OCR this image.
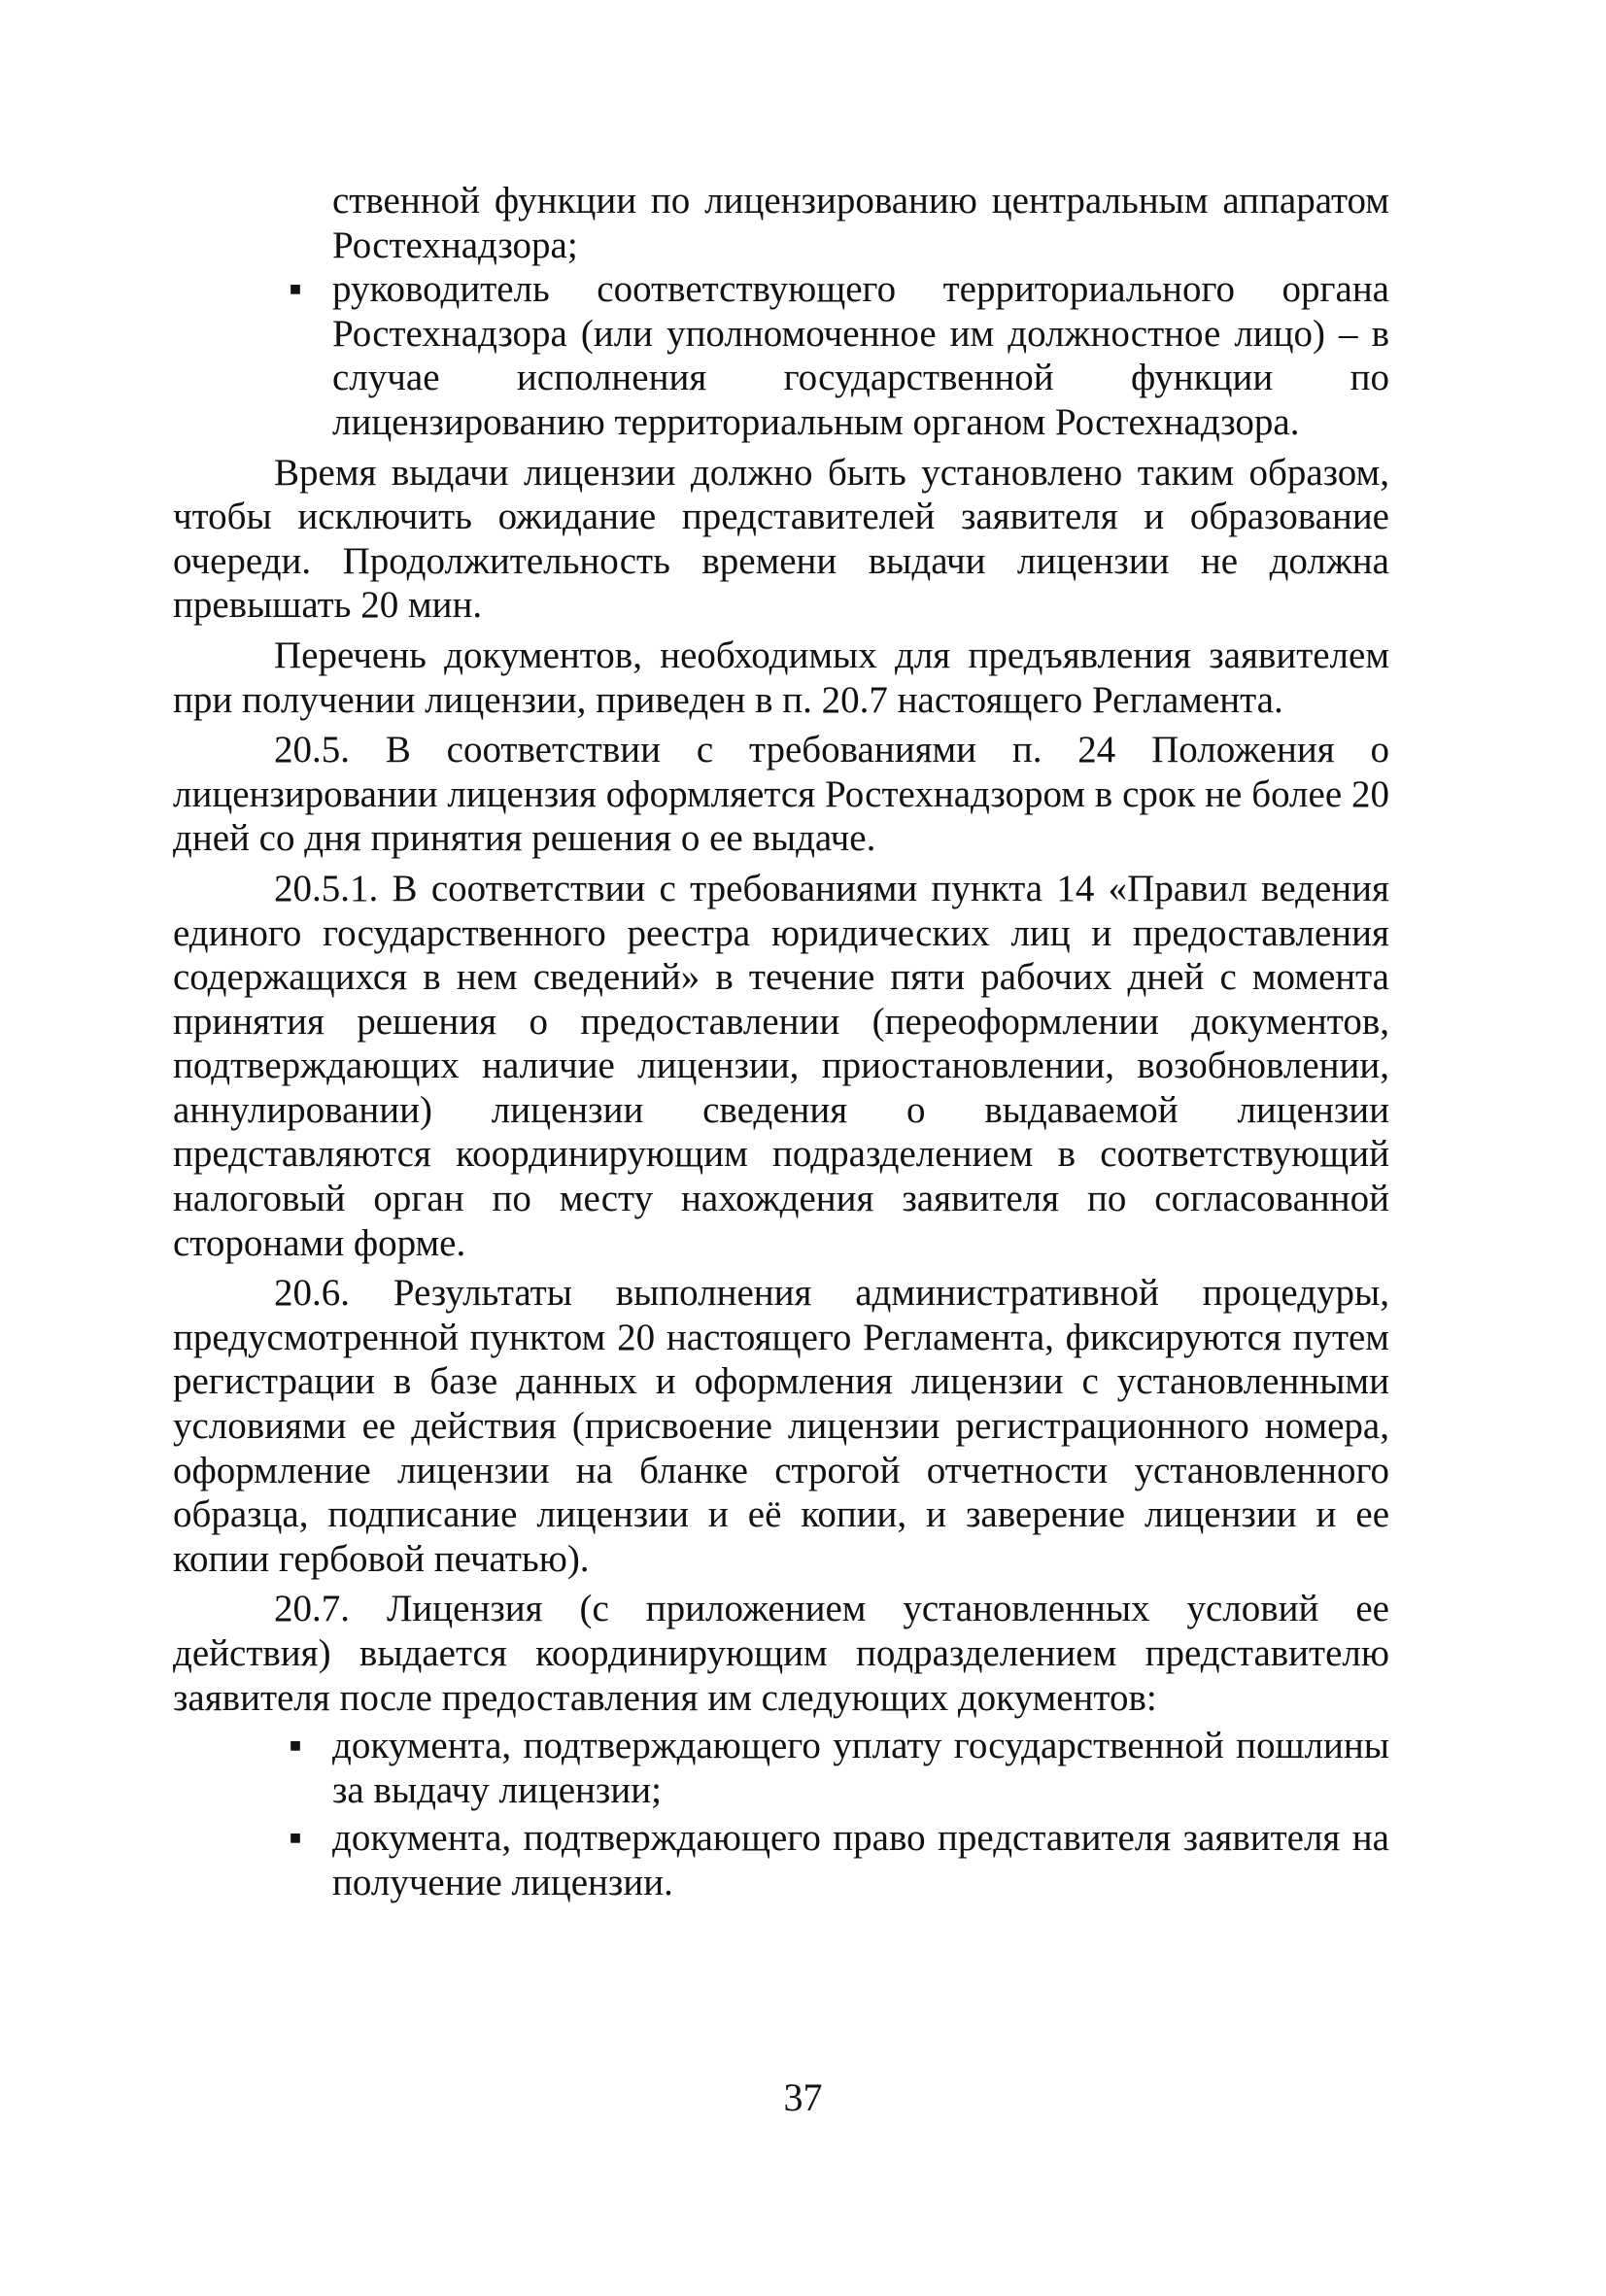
ственной функции по лицензированию центральным аппаратом Ростехнадзора;
▪ руководитель соответствующего территориального органа Ростехнадзора (или уполномоченное им должностное лицо) – в случае исполнения государственной функции по лицензированию территориальным органом Ростехнадзора.
Время выдачи лицензии должно быть установлено таким образом, чтобы исключить ожидание представителей заявителя и образование очереди. Продолжительность времени выдачи лицензии не должна превышать 20 мин.
Перечень документов, необходимых для предъявления заявителем при получении лицензии, приведен в п. 20.7 настоящего Регламента.
20.5. В соответствии с требованиями п. 24 Положения о лицензировании лицензия оформляется Ростехнадзором в срок не более 20 дней со дня принятия решения о ее выдаче.
20.5.1. В соответствии с требованиями пункта 14 «Правил ведения единого государственного реестра юридических лиц и предоставления содержащихся в нем сведений» в течение пяти рабочих дней с момента принятия решения о предоставлении (переоформлении документов, подтверждающих наличие лицензии, приостановлении, возобновлении, аннулировании) лицензии сведения о выдаваемой лицензии представляются координирующим подразделением в соответствующий налоговый орган по месту нахождения заявителя по согласованной сторонами форме.
20.6. Результаты выполнения административной процедуры, предусмотренной пунктом 20 настоящего Регламента, фиксируются путем регистрации в базе данных и оформления лицензии с установленными условиями ее действия (присвоение лицензии регистрационного номера, оформление лицензии на бланке строгой отчетности установленного образца, подписание лицензии и её копии, и заверение лицензии и ее копии гербовой печатью).
20.7. Лицензия (с приложением установленных условий ее действия) выдается координирующим подразделением представителю заявителя после предоставления им следующих документов:
▪ документа, подтверждающего уплату государственной пошлины за выдачу лицензии;
▪ документа, подтверждающего право представителя заявителя на получение лицензии.
37
